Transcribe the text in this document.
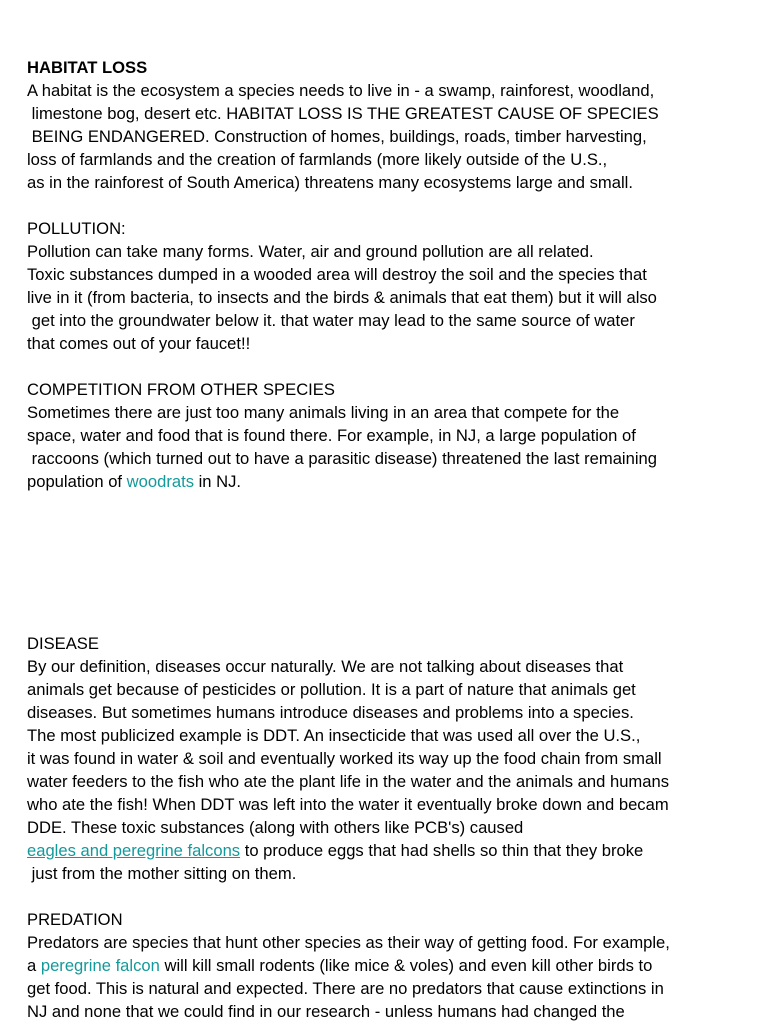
HABITAT LOSS

A habitat is the ecosystem a species needs to live in - a swamp, rainforest, woodland,

limestone bog, desert etc. HABITAT LOSS IS THE GREATEST CAUSE OF SPECIES

BEING ENDANGERED. Construction of homes, buildings, roads, timber harvesting,

loss of farmlands and the creation of farmlands (more likely outside of the U.S.,

as in the rainforest of South America) threatens many ecosystems large and small.

POLLUTION:

Pollution can take many forms. Water, air and ground pollution are all related.

Toxic substances dumped in a wooded area will destroy the soil and the species that

live in it (from bacteria, to insects and the birds & animals that eat them) but it will also

get into the groundwater below it. that water may lead to the same source of water

that comes out of your faucet!!

COMPETITION FROM OTHER SPECIES

Sometimes there are just too many animals living in an area that compete for the

space, water and food that is found there. For example, in NJ, a large population of

raccoons (which turned out to have a parasitic disease) threatened the last remaining

population of woodrats in NJ.

DISEASE

By our definition, diseases occur naturally. We are not talking about diseases that

animals get because of pesticides or pollution. It is a part of nature that animals get

diseases. But sometimes humans introduce diseases and problems into a species.

The most publicized example is DDT. An insecticide that was used all over the U.S.,

it was found in water & soil and eventually worked its way up the food chain from small

water feeders to the fish who ate the plant life in the water and the animals and humans

who ate the fish! When DDT was left into the water it eventually broke down and becam

DDE. These toxic substances (along with others like PCB's) caused

eagles and peregrine falcons to produce eggs that had shells so thin that they broke

just from the mother sitting on them.

PREDATION

Predators are species that hunt other species as their way of getting food. For example,

a peregrine falcon will kill small rodents (like mice & voles) and even kill other birds to

get food. This is natural and expected. There are no predators that cause extinctions in

NJ and none that we could find in our research - unless humans had changed the
